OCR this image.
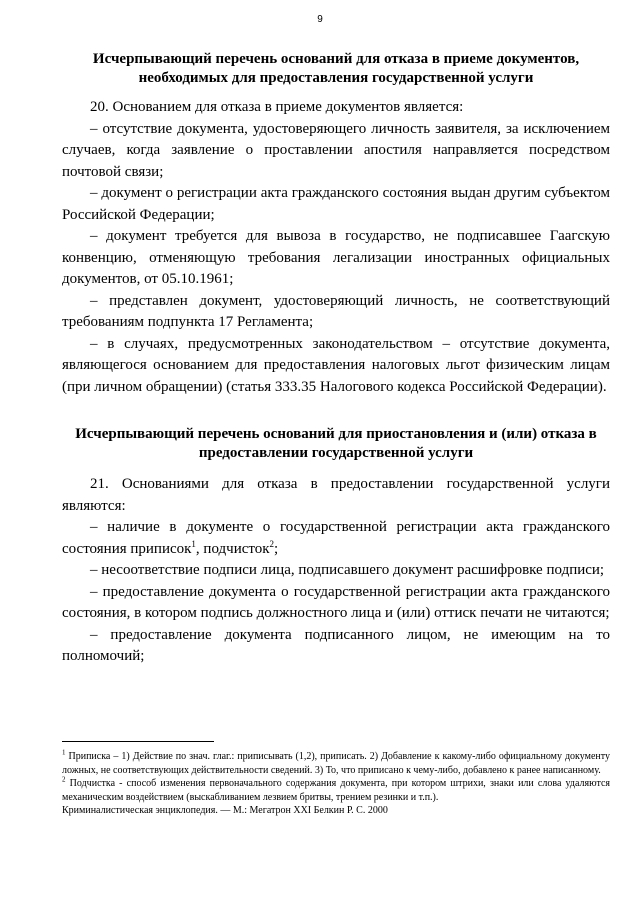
9
Исчерпывающий перечень оснований для отказа в приеме документов,
необходимых для предоставления государственной услуги

20. Основанием для отказа в приеме документов является:

– отсутствие документа, удостоверяющего личность заявителя, за исключением случаев, когда заявление о проставлении апостиля направляется посредством почтовой связи;

– документ о регистрации акта гражданского состояния выдан другим субъектом Российской Федерации;

– документ требуется для вывоза в государство, не подписавшее Гаагскую конвенцию, отменяющую требования легализации иностранных официальных документов, от 05.10.1961;

– представлен документ, удостоверяющий личность, не соответствующий требованиям подпункта 17 Регламента;

– в случаях, предусмотренных законодательством – отсутствие документа, являющегося основанием для предоставления налоговых льгот физическим лицам (при личном обращении) (статья 333.35 Налогового кодекса Российской Федерации).

Исчерпывающий перечень оснований для приостановления и (или) отказа в
предоставлении государственной услуги

21. Основаниями для отказа в предоставлении государственной услуги являются:

– наличие в документе о государственной регистрации акта гражданского состояния приписок$^1$, подчисток$^2$;

– несоответствие подписи лица, подписавшего документ расшифровке подписи;

– предоставление документа о государственной регистрации акта гражданского состояния, в котором подпись должностного лица и (или) оттиск печати не читаются;

– предоставление документа подписанного лицом, не имеющим на то полномочий;

$^1$ Приписка – 1) Действие по знач. глаг.: приписывать (1,2), приписать. 2) Добавление к какому-либо официальному документу ложных, не соответствующих действительности сведений. 3) То, что приписано к чему-либо, добавлено к ранее написанному.

$^2$ Подчистка - способ изменения первоначального содержания документа, при котором штрихи, знаки или слова удаляются механическим воздействием (выскабливанием лезвием бритвы, трением резинки и т.п.).

Криминалистическая энциклопедия. — М.: Мегатрон XXI Белкин Р. С. 2000
